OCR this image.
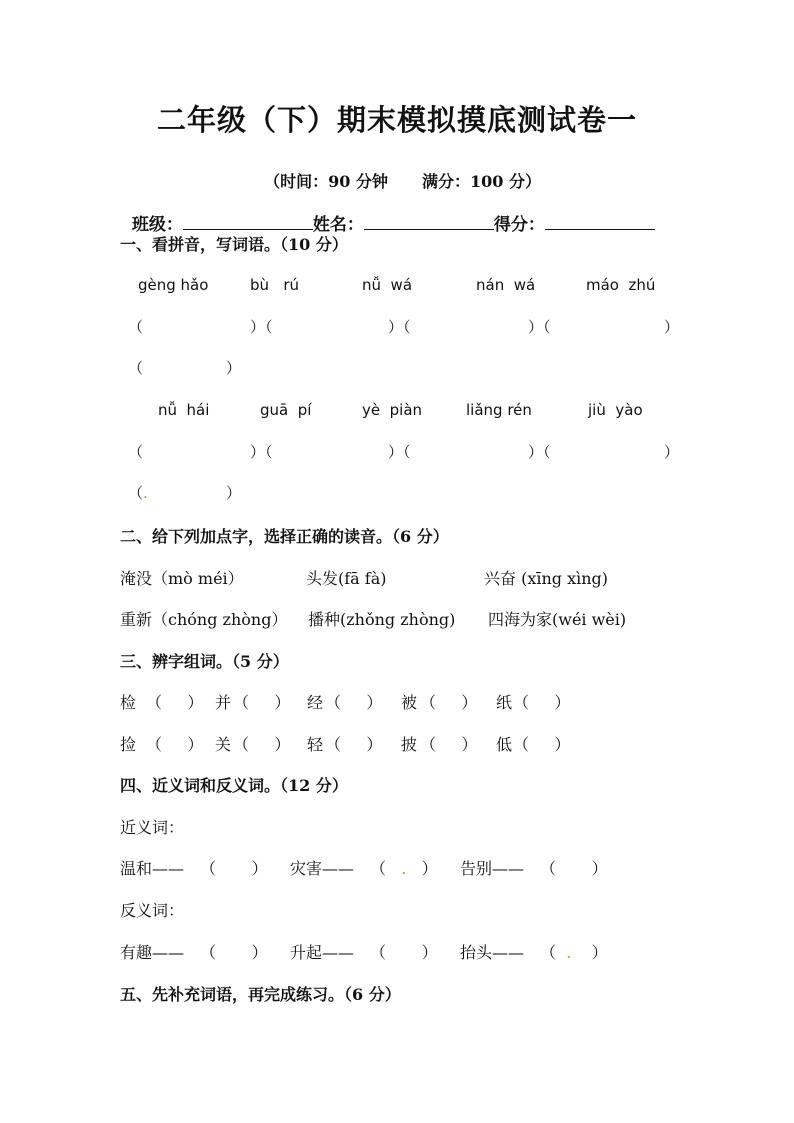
二年级（下）期末模拟摸底测试卷一

（时间：90 分钟 满分：100 分）

班级：	姓名：	得分：

一、看拼音，写词语。（10 分）
gèng hǎo	bù   rú	nǚ  wá	nán  wá	máo  zhú
（	）（	）（	）（	）
（	）
nǚ  hái	guā  pí	yè  piàn	liǎng rén	jiù  yào
（	）（	）（	）（	）
（.	）
二、给下列加点字，选择正确的读音。（6 分）
淹没（mò méi）	头发(fā fà)	兴奋 (xīng xìng)
重新（chóng zhòng） 播种(zhǒng zhòng) 四海为家(wéi wèi)
三、辨字组词。（5 分）
检 （     ） 并 （     ） 经 （     ） 被 （     ） 纸 （     ）
捡 （     ） 关 （     ） 轻 （     ） 披 （     ） 低 （     ）
四、近义词和反义词。（12 分）
近义词：
温和—— （       ） 灾害—— （   .   ） 告别—— （       ）
反义词：
有趣—— （       ） 升起—— （       ） 抬头—— （  .    ）
五、先补充词语，再完成练习。（6 分）
